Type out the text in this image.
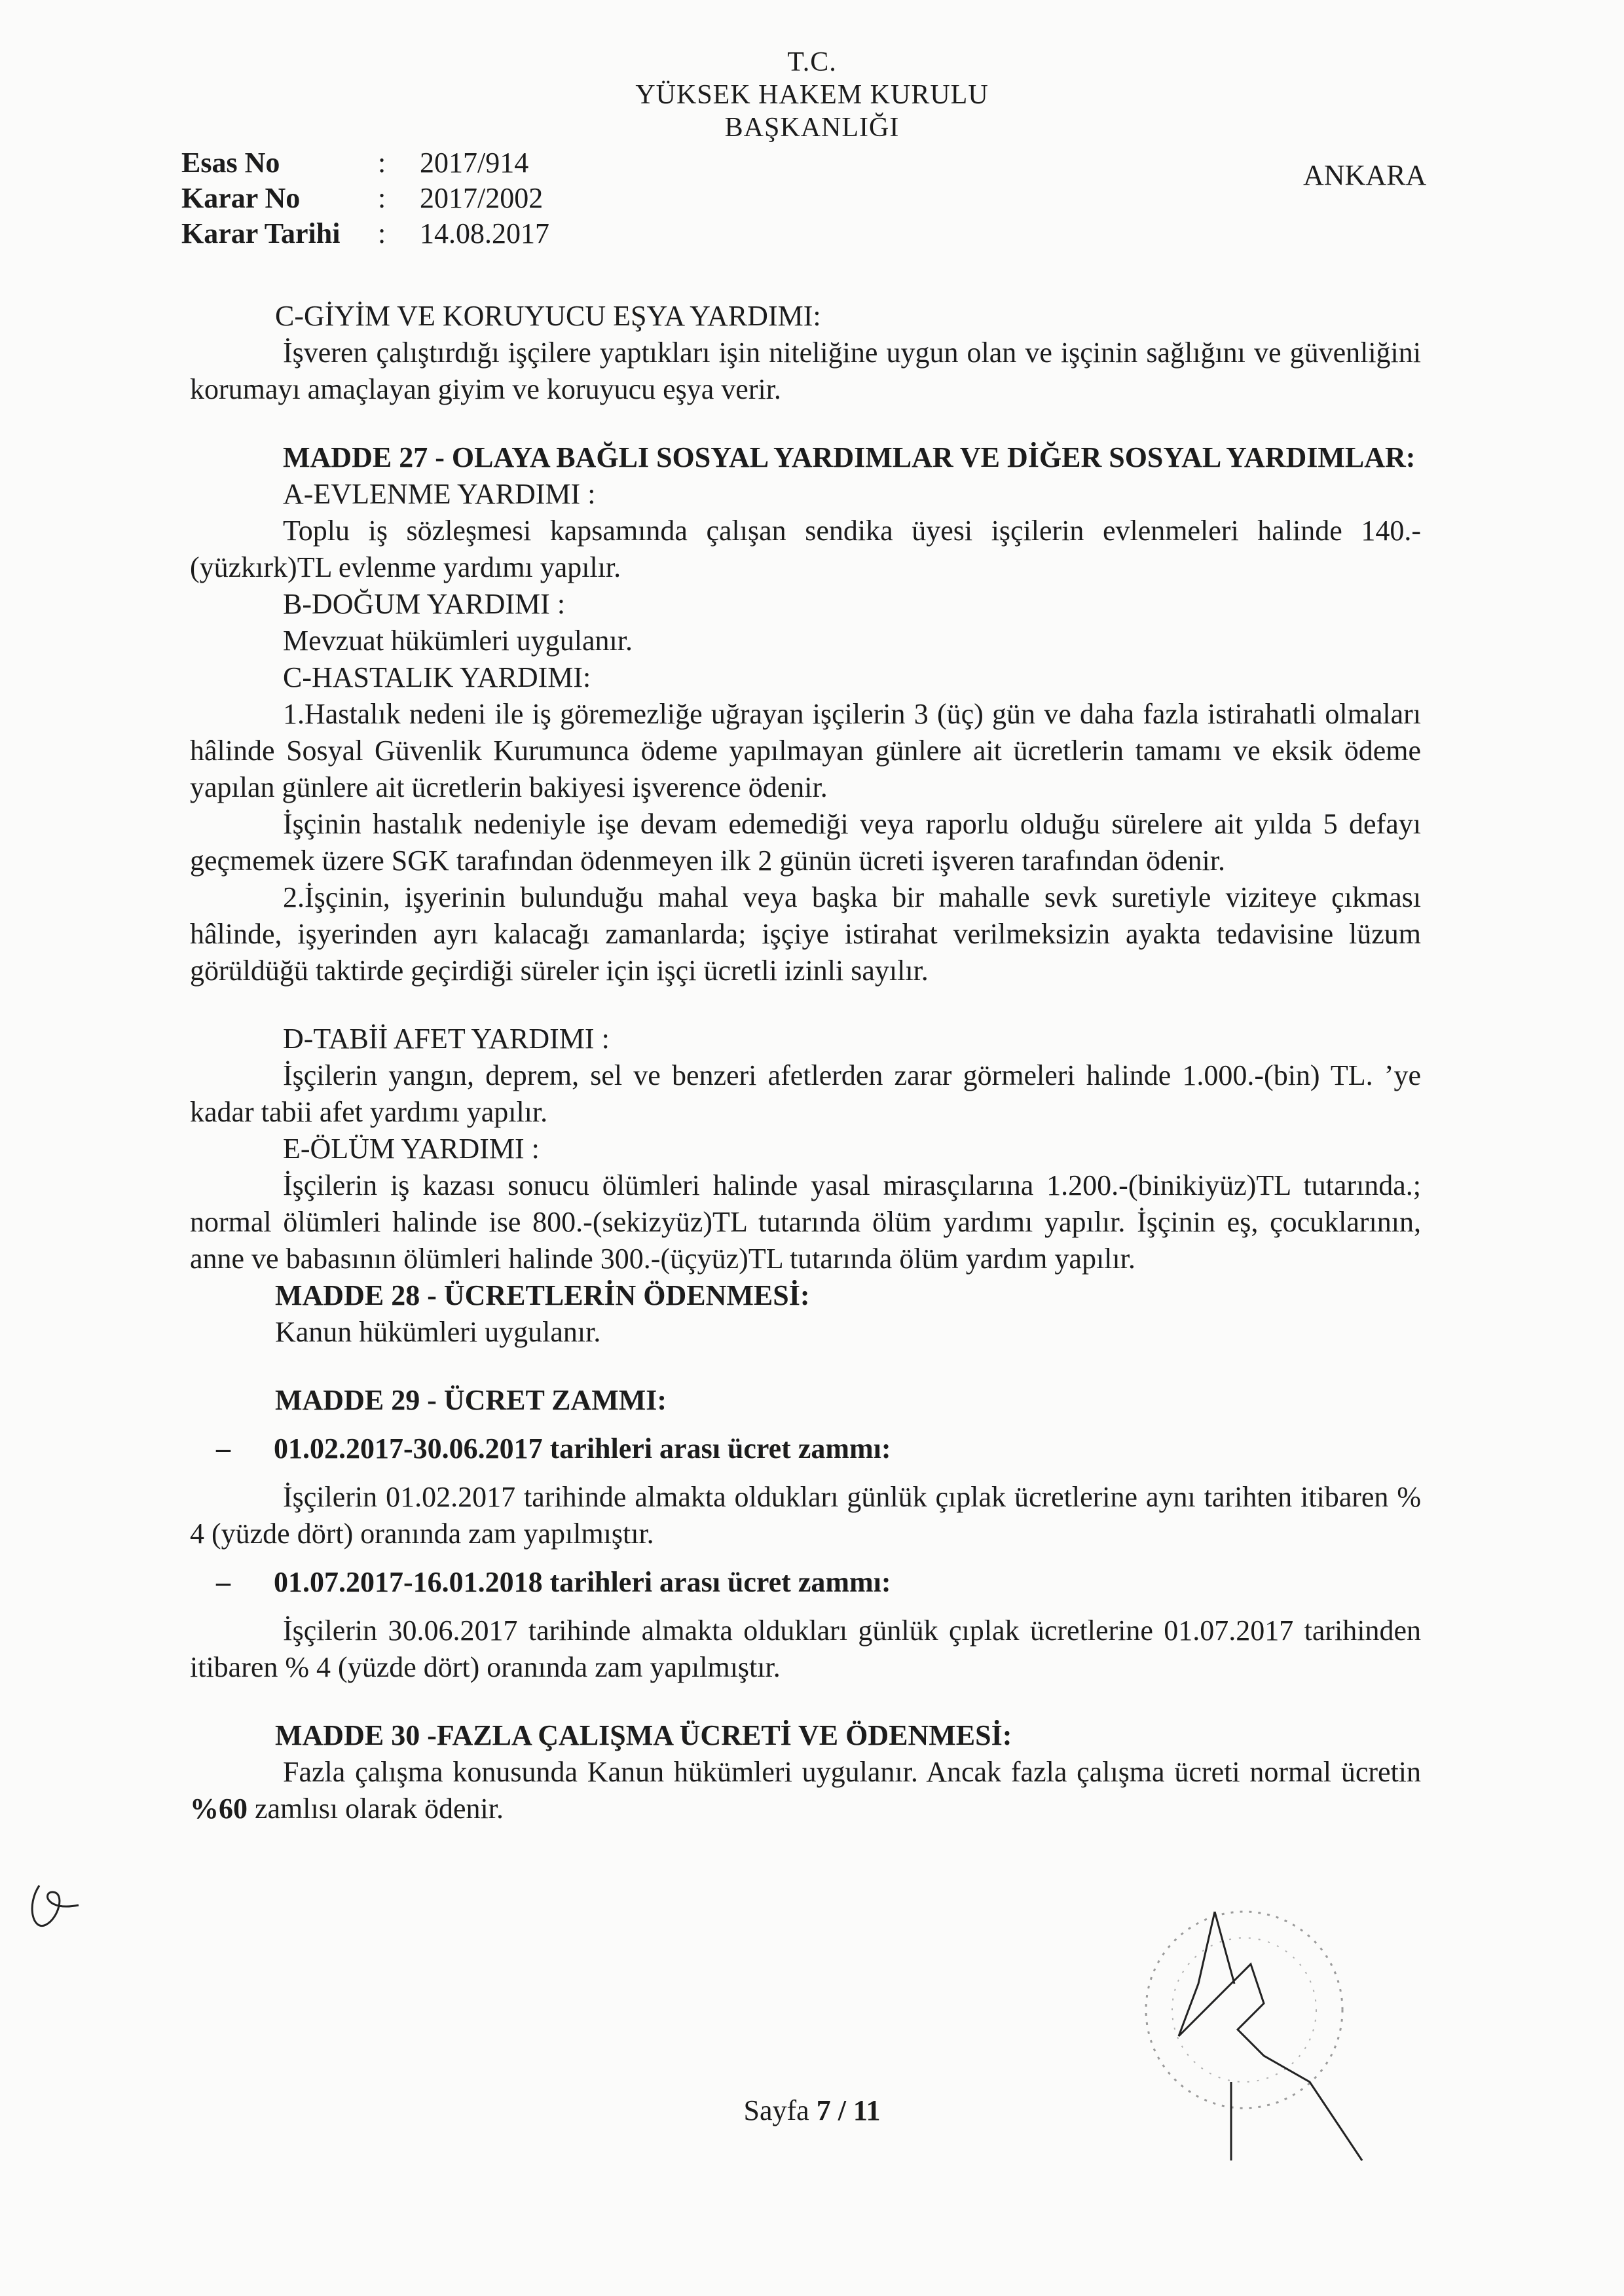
T.C.
YÜKSEK HAKEM KURULU
BAŞKANLIĞI
Esas No	:	2017/914
Karar No	:	2017/2002
Karar Tarihi	:	14.08.2017
ANKARA
C-GİYİM VE KORUYUCU EŞYA YARDIMI:
İşveren çalıştırdığı işçilere yaptıkları işin niteliğine uygun olan ve işçinin sağlığını ve güvenliğini korumayı amaçlayan giyim ve koruyucu eşya verir.
MADDE 27 - OLAYA BAĞLI SOSYAL YARDIMLAR VE DİĞER SOSYAL YARDIMLAR:
A-EVLENME YARDIMI :
Toplu iş sözleşmesi kapsamında çalışan sendika üyesi işçilerin evlenmeleri halinde 140.-(yüzkırk)TL evlenme yardımı yapılır.
B-DOĞUM YARDIMI :
Mevzuat hükümleri uygulanır.
C-HASTALIK YARDIMI:
1.Hastalık nedeni ile iş göremezliğe uğrayan işçilerin 3 (üç) gün ve daha fazla istirahatli olmaları hâlinde Sosyal Güvenlik Kurumunca ödeme yapılmayan günlere ait ücretlerin tamamı ve eksik ödeme yapılan günlere ait ücretlerin bakiyesi işverence ödenir.
İşçinin hastalık nedeniyle işe devam edemediği veya raporlu olduğu sürelere ait yılda 5 defayı geçmemek üzere SGK tarafından ödenmeyen ilk 2 günün ücreti işveren tarafından ödenir.
2.İşçinin, işyerinin bulunduğu mahal veya başka bir mahalle sevk suretiyle viziteye çıkması hâlinde, işyerinden ayrı kalacağı zamanlarda; işçiye istirahat verilmeksizin ayakta tedavisine lüzum görüldüğü taktirde geçirdiği süreler için işçi ücretli izinli sayılır.
D-TABİİ AFET YARDIMI :
İşçilerin yangın, deprem, sel ve benzeri afetlerden zarar görmeleri halinde 1.000.-(bin) TL. ’ye kadar tabii afet yardımı yapılır.
E-ÖLÜM YARDIMI :
İşçilerin iş kazası sonucu ölümleri halinde yasal mirasçılarına 1.200.-(binikiyüz)TL tutarında.; normal ölümleri halinde ise 800.-(sekizyüz)TL tutarında ölüm yardımı yapılır. İşçinin eş, çocuklarının, anne ve babasının ölümleri halinde 300.-(üçyüz)TL tutarında ölüm yardım yapılır.
MADDE 28 - ÜCRETLERİN ÖDENMESİ:
Kanun hükümleri uygulanır.
MADDE 29 - ÜCRET ZAMMI:
–	01.02.2017-30.06.2017 tarihleri arası ücret zammı:
İşçilerin 01.02.2017 tarihinde almakta oldukları günlük çıplak ücretlerine aynı tarihten itibaren % 4 (yüzde dört) oranında zam yapılmıştır.
–	01.07.2017-16.01.2018 tarihleri arası ücret zammı:
İşçilerin 30.06.2017 tarihinde almakta oldukları günlük çıplak ücretlerine 01.07.2017 tarihinden itibaren % 4 (yüzde dört) oranında zam yapılmıştır.
MADDE 30 -FAZLA ÇALIŞMA ÜCRETİ VE ÖDENMESİ:
Fazla çalışma konusunda Kanun hükümleri uygulanır. Ancak fazla çalışma ücreti normal ücretin %60 zamlısı olarak ödenir.
Sayfa 7 / 11
